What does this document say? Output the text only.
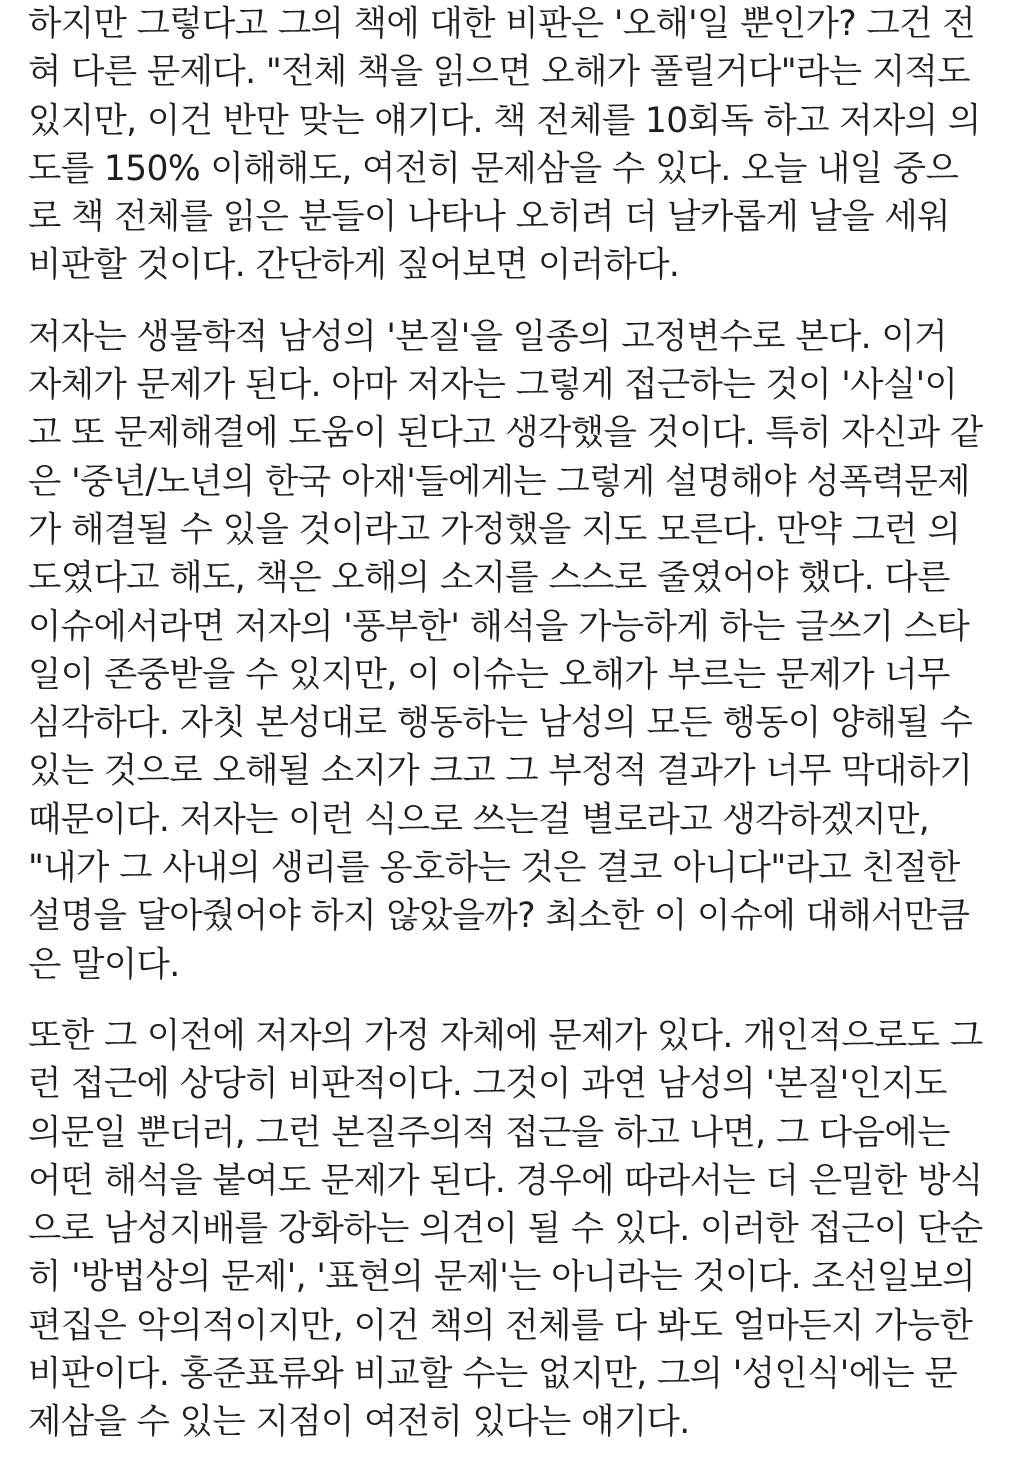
하지만 그렇다고 그의 책에 대한 비판은 '오해'일 뿐인가? 그건 전
혀 다른 문제다. "전체 책을 읽으면 오해가 풀릴거다"라는 지적도
있지만, 이건 반만 맞는 얘기다. 책 전체를 10회독 하고 저자의 의
도를 150% 이해해도, 여전히 문제삼을 수 있다. 오늘 내일 중으
로 책 전체를 읽은 분들이 나타나 오히려 더 날카롭게 날을 세워
비판할 것이다. 간단하게 짚어보면 이러하다.

저자는 생물학적 남성의 '본질'을 일종의 고정변수로 본다. 이거
자체가 문제가 된다. 아마 저자는 그렇게 접근하는 것이 '사실'이
고 또 문제해결에 도움이 된다고 생각했을 것이다. 특히 자신과 같
은 '중년/노년의 한국 아재'들에게는 그렇게 설명해야 성폭력문제
가 해결될 수 있을 것이라고 가정했을 지도 모른다. 만약 그런 의
도였다고 해도, 책은 오해의 소지를 스스로 줄였어야 했다. 다른
이슈에서라면 저자의 '풍부한' 해석을 가능하게 하는 글쓰기 스타
일이 존중받을 수 있지만, 이 이슈는 오해가 부르는 문제가 너무
심각하다. 자칫 본성대로 행동하는 남성의 모든 행동이 양해될 수
있는 것으로 오해될 소지가 크고 그 부정적 결과가 너무 막대하기
때문이다. 저자는 이런 식으로 쓰는걸 별로라고 생각하겠지만,
"내가 그 사내의 생리를 옹호하는 것은 결코 아니다"라고 친절한
설명을 달아줬어야 하지 않았을까? 최소한 이 이슈에 대해서만큼
은 말이다.

또한 그 이전에 저자의 가정 자체에 문제가 있다. 개인적으로도 그
런 접근에 상당히 비판적이다. 그것이 과연 남성의 '본질'인지도
의문일 뿐더러, 그런 본질주의적 접근을 하고 나면, 그 다음에는
어떤 해석을 붙여도 문제가 된다. 경우에 따라서는 더 은밀한 방식
으로 남성지배를 강화하는 의견이 될 수 있다. 이러한 접근이 단순
히 '방법상의 문제', '표현의 문제'는 아니라는 것이다. 조선일보의
편집은 악의적이지만, 이건 책의 전체를 다 봐도 얼마든지 가능한
비판이다. 홍준표류와 비교할 수는 없지만, 그의 '성인식'에는 문
제삼을 수 있는 지점이 여전히 있다는 얘기다.
